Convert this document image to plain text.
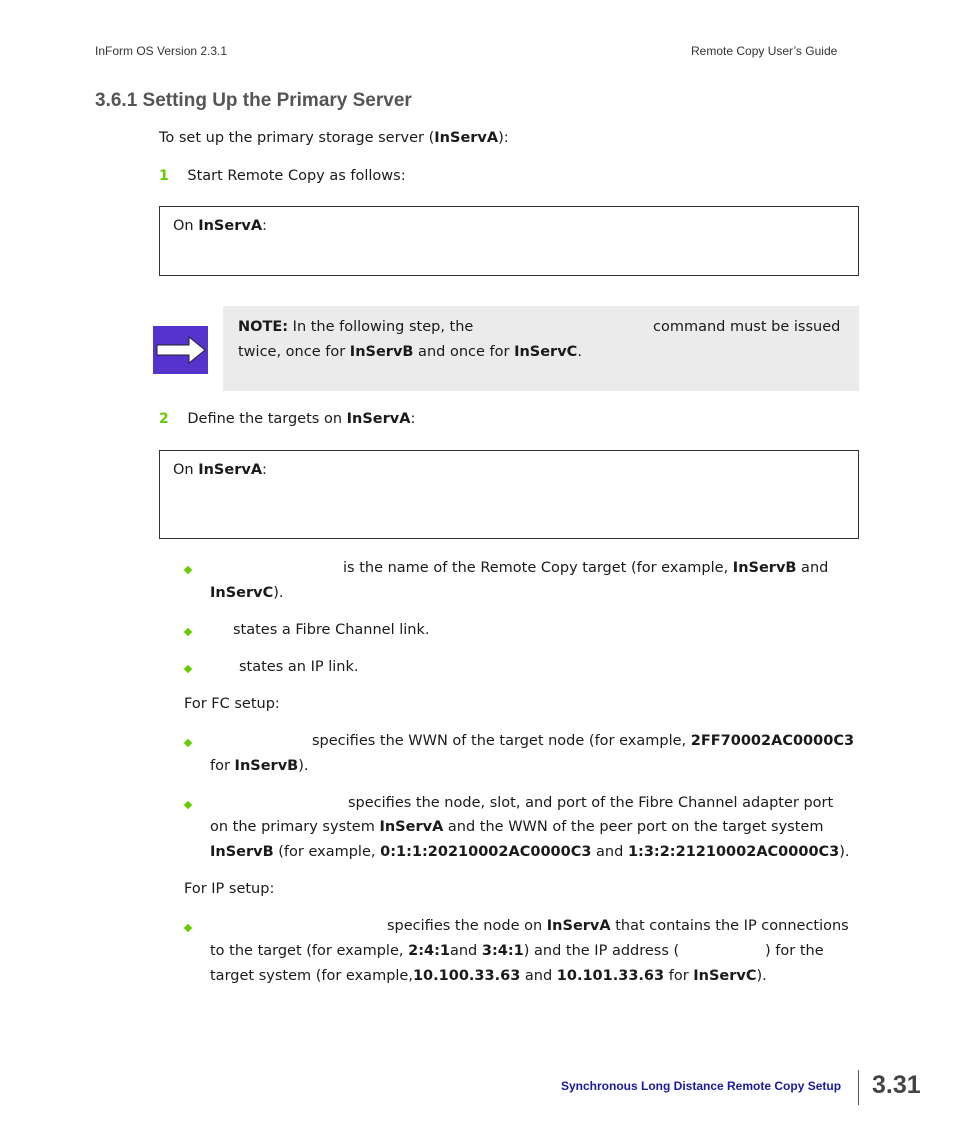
InForm OS Version 2.3.1	Remote Copy User’s Guide
3.6.1 Setting Up the Primary Server
To set up the primary storage server (InServA):
1 Start Remote Copy as follows:
On InServA:
NOTE: In the following step, the	command must be issued
twice, once for InServB and once for InServC.
2 Define the targets on InServA:
On InServA:
is the name of the Remote Copy target (for example, InServB and
InServC).
states a Fibre Channel link.
states an IP link.
For FC setup:
specifies the WWN of the target node (for example, 2FF70002AC0000C3
for InServB).
specifies the node, slot, and port of the Fibre Channel adapter port
on the primary system InServA and the WWN of the peer port on the target system
InServB (for example, 0:1:1:20210002AC0000C3 and 1:3:2:21210002AC0000C3).
For IP setup:
specifies the node on InServA that contains the IP connections
to the target (for example, 2:4:1and 3:4:1) and the IP address (	) for the
target system (for example,10.100.33.63 and 10.101.33.63 for InServC).
Synchronous Long Distance Remote Copy Setup 3.31
